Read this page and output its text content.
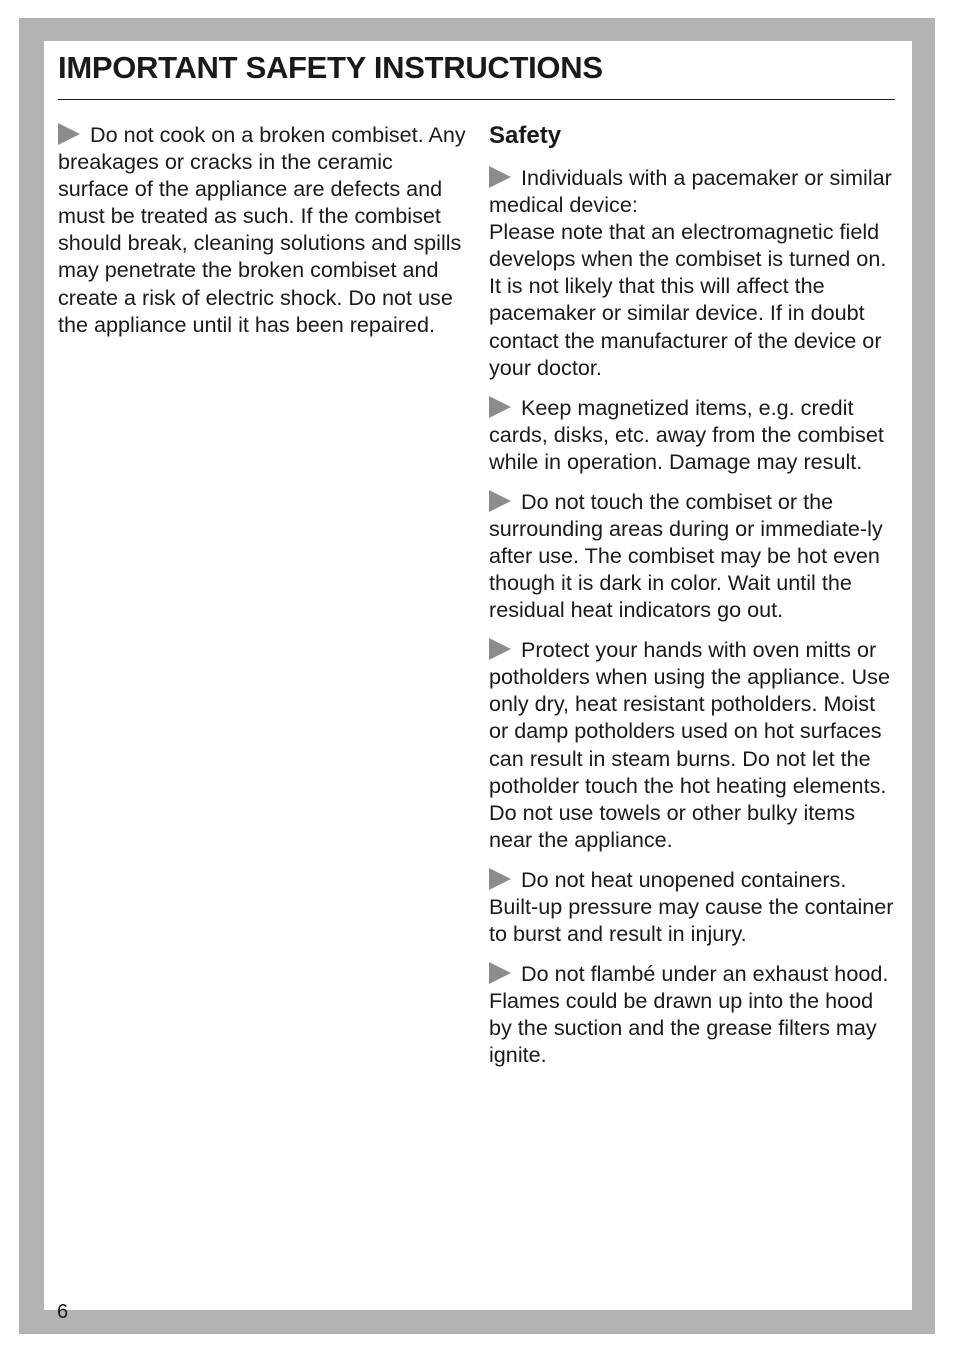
IMPORTANT SAFETY INSTRUCTIONS

Do not cook on a broken combiset. Any breakages or cracks in the ceramic surface of the appliance are defects and must be treated as such. If the combiset should break, cleaning solutions and spills may penetrate the broken combiset and create a risk of electric shock. Do not use the appliance until it has been repaired.

Safety

Individuals with a pacemaker or similar medical device:
Please note that an electromagnetic field develops when the combiset is turned on. It is not likely that this will affect the pacemaker or similar device. If in doubt contact the manufacturer of the device or your doctor.

Keep magnetized items, e.g. credit cards, disks, etc. away from the combiset while in operation. Damage may result.

Do not touch the combiset or the surrounding areas during or immediate-ly after use. The combiset may be hot even though it is dark in color. Wait until the residual heat indicators go out.

Protect your hands with oven mitts or potholders when using the appliance. Use only dry, heat resistant potholders. Moist or damp potholders used on hot surfaces can result in steam burns. Do not let the potholder touch the hot heating elements. Do not use towels or other bulky items near the appliance.

Do not heat unopened containers. Built-up pressure may cause the container to burst and result in injury.

Do not flambé under an exhaust hood. Flames could be drawn up into the hood by the suction and the grease filters may ignite.

6
